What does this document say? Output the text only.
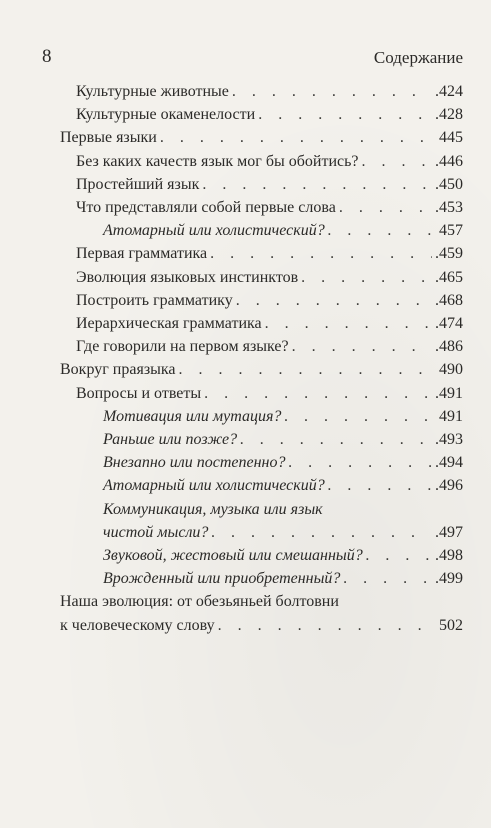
8	Содержание
Культурные животные . . .	.424
Культурные окаменелости . . .	.428
Первые языки . . .	445
Без каких качеств язык мог бы обойтись? . . .	.446
Простейший язык . . .	.450
Что представляли собой первые слова . . .	.453
Атомарный или холистический? . . .	457
Первая грамматика . . .	.459
Эволюция языковых инстинктов . . .	.465
Построить грамматику . . .	.468
Иерархическая грамматика . . .	.474
Где говорили на первом языке? . . .	.486
Вокруг праязыка . . .	490
Вопросы и ответы . . .	.491
Мотивация или мутация? . . .	491
Раньше или позже? . . .	.493
Внезапно или постепенно? . . .	.494
Атомарный или холистический? . . .	.496
Коммуникация, музыка или язык
чистой мысли? . . .	.497
Звуковой, жестовый или смешанный? . . .	.498
Врожденный или приобретенный? . . .	.499
Наша эволюция: от обезьяньей болтовни
к человеческому слову . . .	502
